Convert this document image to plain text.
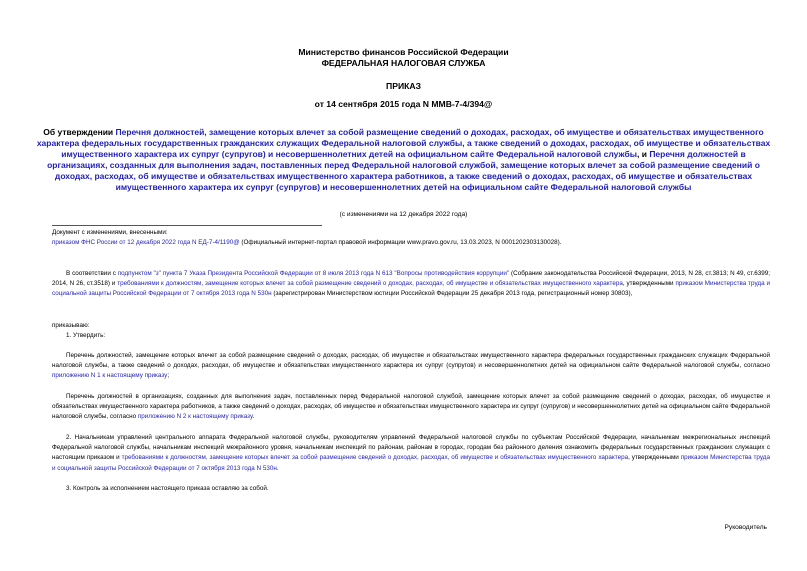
Министерство финансов Российской Федерации
ФЕДЕРАЛЬНАЯ НАЛОГОВАЯ СЛУЖБА
ПРИКАЗ
от 14 сентября 2015 года N ММВ-7-4/394@
Об утверждении Перечня должностей, замещение которых влечет за собой размещение сведений о доходах, расходах, об имуществе и обязательствах имущественного характера федеральных государственных гражданских служащих Федеральной налоговой службы, а также сведений о доходах, расходах, об имуществе и обязательствах имущественного характера их супруг (супругов) и несовершеннолетних детей на официальном сайте Федеральной налоговой службы, и Перечня должностей в организациях, созданных для выполнения задач, поставленных перед Федеральной налоговой службой, замещение которых влечет за собой размещение сведений о доходах, расходах, об имуществе и обязательствах имущественного характера работников, а также сведений о доходах, расходах, об имуществе и обязательствах имущественного характера их супруг (супругов) и несовершеннолетних детей на официальном сайте Федеральной налоговой службы
(с изменениями на 12 декабря 2022 года)
Документ с изменениями, внесенными:
приказом ФНС России от 12 декабря 2022 года N ЕД-7-4/1190@ (Официальный интернет-портал правовой информации www.pravo.gov.ru, 13.03.2023, N 0001202303130028).
В соответствии с подпунктом "з" пункта 7 Указа Президента Российской Федерации от 8 июля 2013 года N 613 "Вопросы противодействия коррупции" (Собрание законодательства Российской Федерации, 2013, N 28, ст.3813; N 49, ст.6399; 2014, N 26, ст.3518) и требованиями к должностям, замещение которых влечет за собой размещение сведений о доходах, расходах, об имуществе и обязательствах имущественного характера, утвержденными приказом Министерства труда и социальной защиты Российской Федерации от 7 октября 2013 года N 530н (зарегистрирован Министерством юстиции Российской Федерации 25 декабря 2013 года, регистрационный номер 30803),
приказываю:
1. Утвердить:
Перечень должностей, замещение которых влечет за собой размещение сведений о доходах, расходах, об имуществе и обязательствах имущественного характера федеральных государственных гражданских служащих Федеральной налоговой службы, а также сведений о доходах, расходах, об имуществе и обязательствах имущественного характера их супруг (супругов) и несовершеннолетних детей на официальном сайте Федеральной налоговой службы, согласно приложению N 1 к настоящему приказу;
Перечень должностей в организациях, созданных для выполнения задач, поставленных перед Федеральной налоговой службой, замещение которых влечет за собой размещение сведений о доходах, расходах, об имуществе и обязательствах имущественного характера работников, а также сведений о доходах, расходах, об имуществе и обязательствах имущественного характера их супруг (супругов) и несовершеннолетних детей на официальном сайте Федеральной налоговой службы, согласно приложению N 2 к настоящему приказу.
2. Начальникам управлений центрального аппарата Федеральной налоговой службы, руководителям управлений Федеральной налоговой службы по субъектам Российской Федерации, начальникам межрегиональных инспекций Федеральной налоговой службы, начальникам инспекций межрайонного уровня, начальникам инспекций по районам, районам в городах, городам без районного деления ознакомить федеральных государственных гражданских служащих с настоящим приказом и требованиями к должностям, замещение которых влечет за собой размещение сведений о доходах, расходах, об имуществе и обязательствах имущественного характера, утвержденными приказом Министерства труда и социальной защиты Российской Федерации от 7 октября 2013 года N 530н.
3. Контроль за исполнением настоящего приказа оставляю за собой.
Руководитель
